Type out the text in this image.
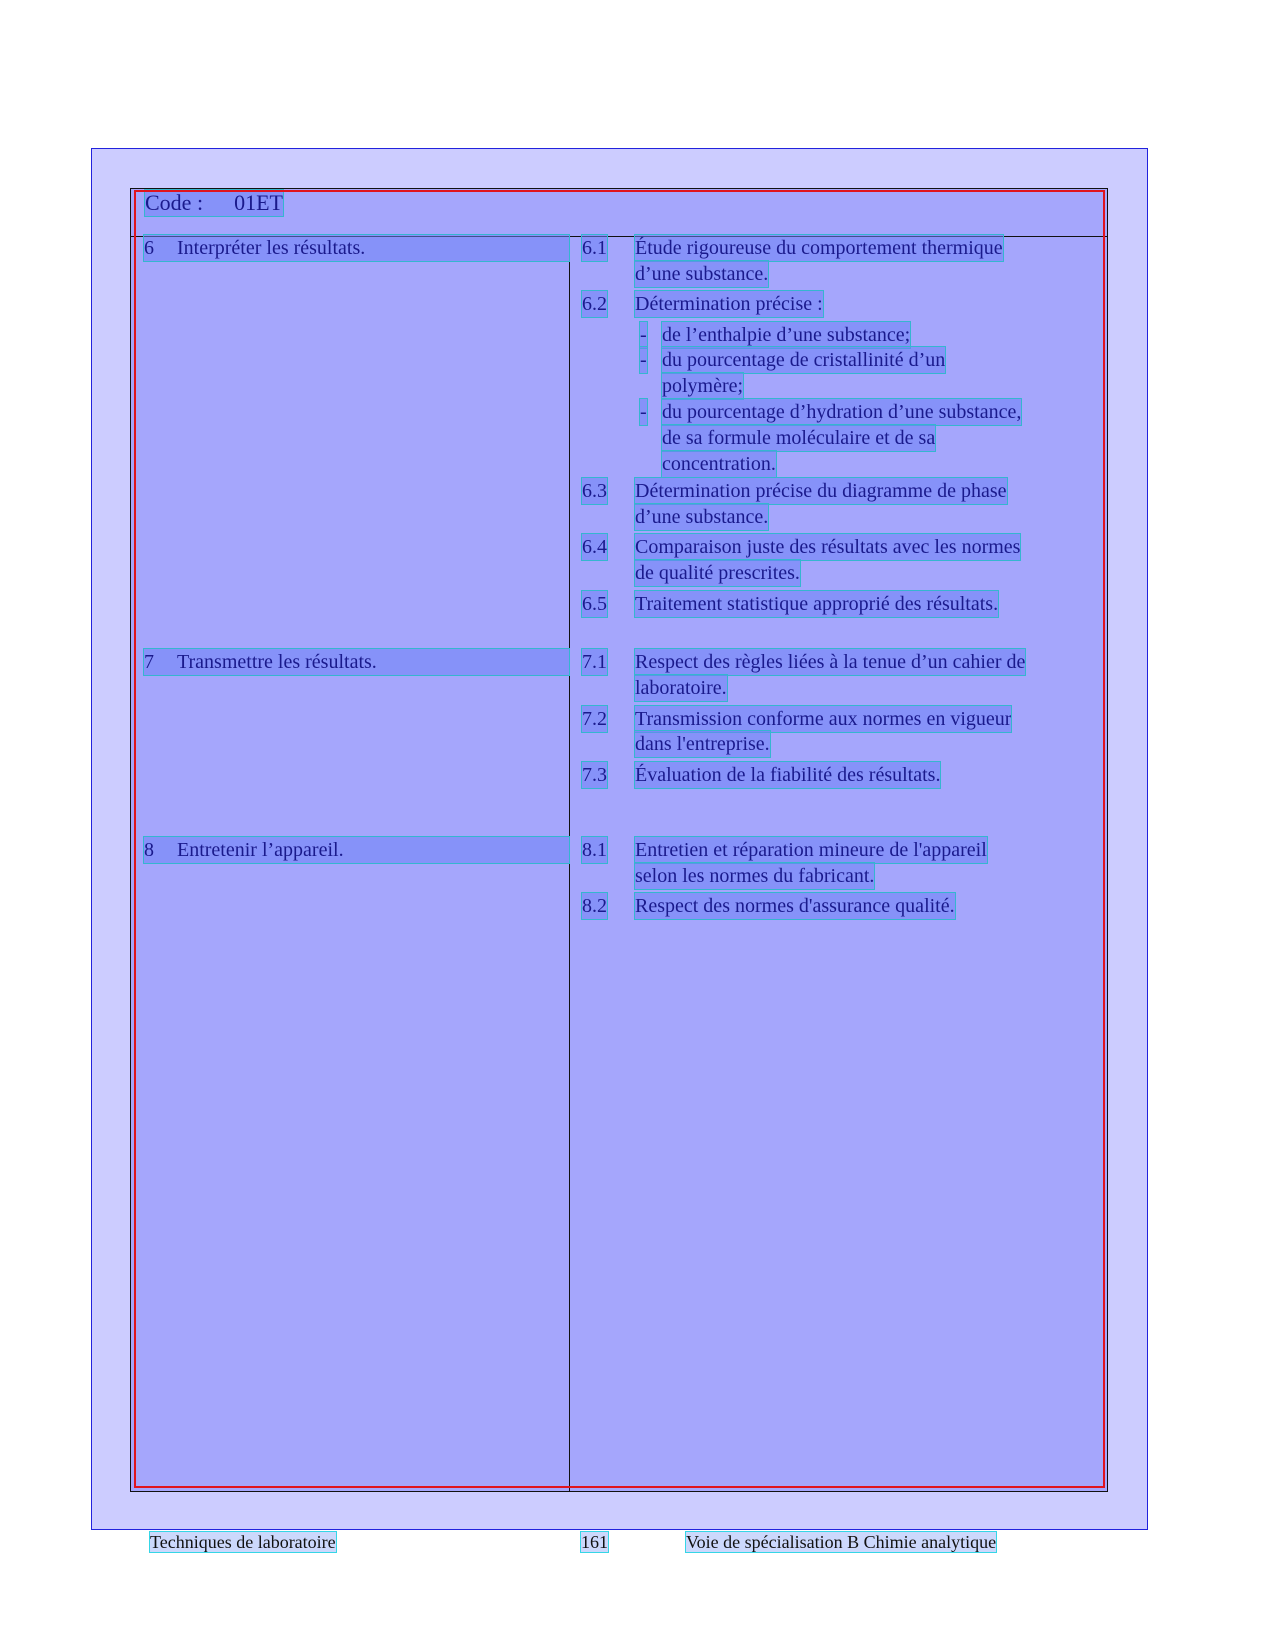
Code : 01ET
6 Interpréter les résultats.	6.1 Étude rigoureuse du comportement thermique
d’une substance.
6.2 Détermination précise :
- de l’enthalpie d’une substance;
- du pourcentage de cristallinité d’un
polymère;
- du pourcentage d’hydration d’une substance,
de sa formule moléculaire et de sa
concentration.
6.3 Détermination précise du diagramme de phase
d’une substance.
6.4 Comparaison juste des résultats avec les normes
de qualité prescrites.
6.5 Traitement statistique approprié des résultats.
7 Transmettre les résultats.	7.1 Respect des règles liées à la tenue d’un cahier de
laboratoire.
7.2 Transmission conforme aux normes en vigueur
dans l'entreprise.
7.3 Évaluation de la fiabilité des résultats.
8 Entretenir l’appareil.	8.1 Entretien et réparation mineure de l'appareil
selon les normes du fabricant.
8.2 Respect des normes d'assurance qualité.
Techniques de laboratoire	161	Voie de spécialisation B Chimie analytique
